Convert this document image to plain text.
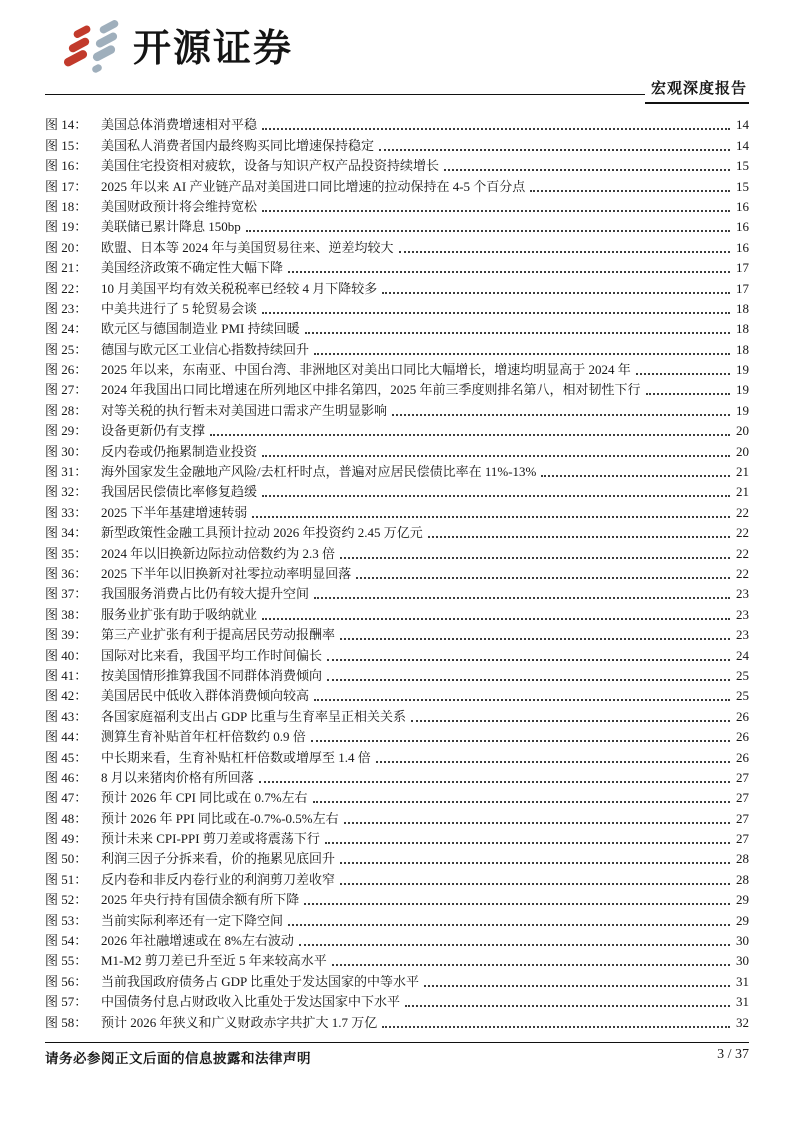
开源证券
宏观深度报告
图 14：	美国总体消费增速相对平稳	14
图 15：	美国私人消费者国内最终购买同比增速保持稳定	14
图 16：	美国住宅投资相对疲软，设备与知识产权产品投资持续增长	15
图 17：	2025 年以来 AI 产业链产品对美国进口同比增速的拉动保持在 4-5 个百分点	15
图 18：	美国财政预计将会维持宽松	16
图 19：	美联储已累计降息 150bp	16
图 20：	欧盟、日本等 2024 年与美国贸易往来、逆差均较大	16
图 21：	美国经济政策不确定性大幅下降	17
图 22：	10 月美国平均有效关税税率已经较 4 月下降较多	17
图 23：	中美共进行了 5 轮贸易会谈	18
图 24：	欧元区与德国制造业 PMI 持续回暖	18
图 25：	德国与欧元区工业信心指数持续回升	18
图 26：	2025 年以来，东南亚、中国台湾、非洲地区对美出口同比大幅增长，增速均明显高于 2024 年	19
图 27：	2024 年我国出口同比增速在所列地区中排名第四，2025 年前三季度则排名第八，相对韧性下行	19
图 28：	对等关税的执行暂未对美国进口需求产生明显影响	19
图 29：	设备更新仍有支撑	20
图 30：	反内卷或仍拖累制造业投资	20
图 31：	海外国家发生金融地产风险/去杠杆时点，普遍对应居民偿债比率在 11%-13%	21
图 32：	我国居民偿债比率修复趋缓	21
图 33：	2025 下半年基建增速转弱	22
图 34：	新型政策性金融工具预计拉动 2026 年投资约 2.45 万亿元	22
图 35：	2024 年以旧换新边际拉动倍数约为 2.3 倍	22
图 36：	2025 下半年以旧换新对社零拉动率明显回落	22
图 37：	我国服务消费占比仍有较大提升空间	23
图 38：	服务业扩张有助于吸纳就业	23
图 39：	第三产业扩张有利于提高居民劳动报酬率	23
图 40：	国际对比来看，我国平均工作时间偏长	24
图 41：	按美国情形推算我国不同群体消费倾向	25
图 42：	美国居民中低收入群体消费倾向较高	25
图 43：	各国家庭福利支出占 GDP 比重与生育率呈正相关关系	26
图 44：	测算生育补贴首年杠杆倍数约 0.9 倍	26
图 45：	中长期来看，生育补贴杠杆倍数或增厚至 1.4 倍	26
图 46：	8 月以来猪肉价格有所回落	27
图 47：	预计 2026 年 CPI 同比或在 0.7%左右	27
图 48：	预计 2026 年 PPI 同比或在-0.7%-0.5%左右	27
图 49：	预计未来 CPI-PPI 剪刀差或将震荡下行	27
图 50：	利润三因子分拆来看，价的拖累见底回升	28
图 51：	反内卷和非反内卷行业的利润剪刀差收窄	28
图 52：	2025 年央行持有国债余额有所下降	29
图 53：	当前实际利率还有一定下降空间	29
图 54：	2026 年社融增速或在 8%左右波动	30
图 55：	M1-M2 剪刀差已升至近 5 年来较高水平	30
图 56：	当前我国政府债务占 GDP 比重处于发达国家的中等水平	31
图 57：	中国债务付息占财政收入比重处于发达国家中下水平	31
图 58：	预计 2026 年狭义和广义财政赤字共扩大 1.7 万亿	32
请务必参阅正文后面的信息披露和法律声明	3 / 37
